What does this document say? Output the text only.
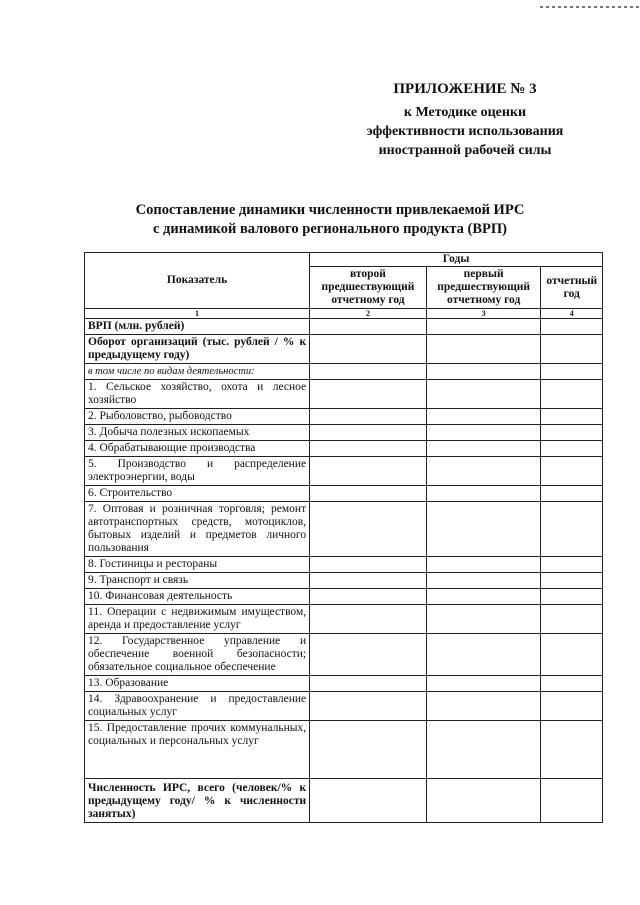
ПРИЛОЖЕНИЕ № 3
к Методике оценки
эффективности использования
иностранной рабочей силы
Сопоставление динамики численности привлекаемой ИРС
с динамикой валового регионального продукта (ВРП)
Показатель	Годы		
	второй предшествующий отчетному год	первый предшествующий отчетному год	отчетный год
1	2	3	4
ВРП (млн. рублей)			
Оборот организаций (тыс. рублей / % к предыдущему году)			
в том числе по видам деятельности:			
1. Сельское хозяйство, охота и лесное хозяйство			
2. Рыболовство, рыбоводство			
3. Добыча полезных ископаемых			
4. Обрабатывающие производства			
5. Производство и распределение электроэнергии, воды			
6. Строительство			
7. Оптовая и розничная торговля; ремонт автотранспортных средств, мотоциклов, бытовых изделий и предметов личного пользования			
8. Гостиницы и рестораны			
9. Транспорт и связь			
10. Финансовая деятельность			
11. Операции с недвижимым имуществом, аренда и предоставление услуг			
12. Государственное управление и обеспечение военной безопасности; обязательное социальное обеспечение			
13. Образование			
14. Здравоохранение и предоставление социальных услуг			
15. Предоставление прочих коммунальных, социальных и персональных услуг			
Численность ИРС, всего (человек/% к предыдущему году/ % к численности занятых)			
